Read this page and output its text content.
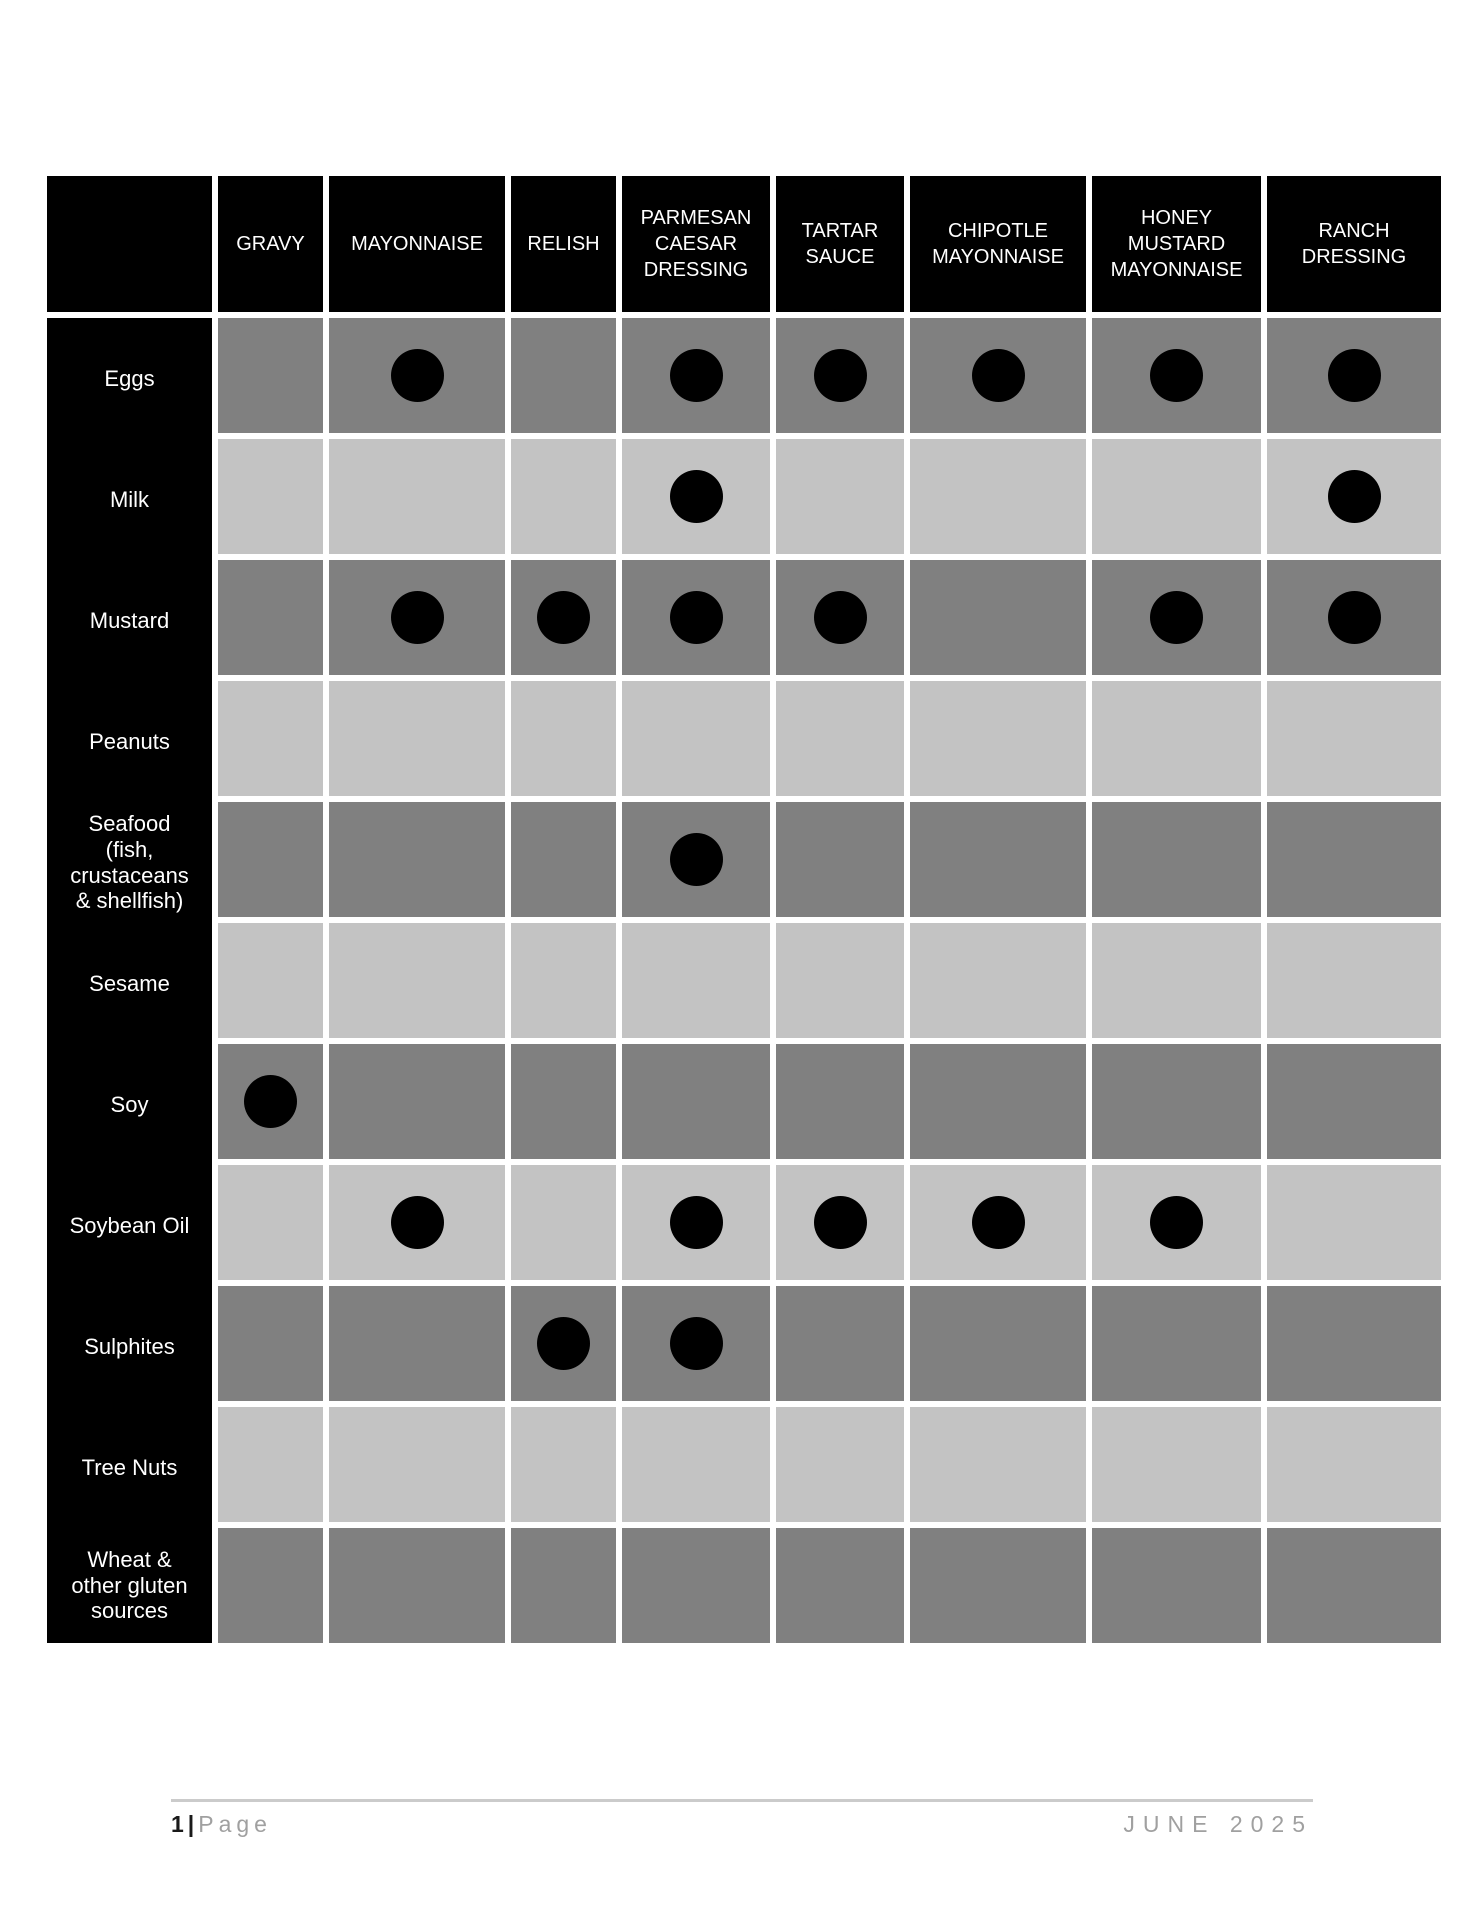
Eggs
Milk
Mustard
Peanuts
Seafood
(fish,
crustaceans
& shellfish)
Sesame
Soy
Soybean Oil
Sulphites
Tree Nuts
Wheat &
other gluten
sources
GRAVY MAYONNAISE RELISH
PARMESAN
CAESAR
DRESSING
TARTAR
SAUCE
CHIPOTLE
MAYONNAISE
HONEY
MUSTARD
MAYONNAISE
RANCH
DRESSING
1| Page	JUNE 2025
